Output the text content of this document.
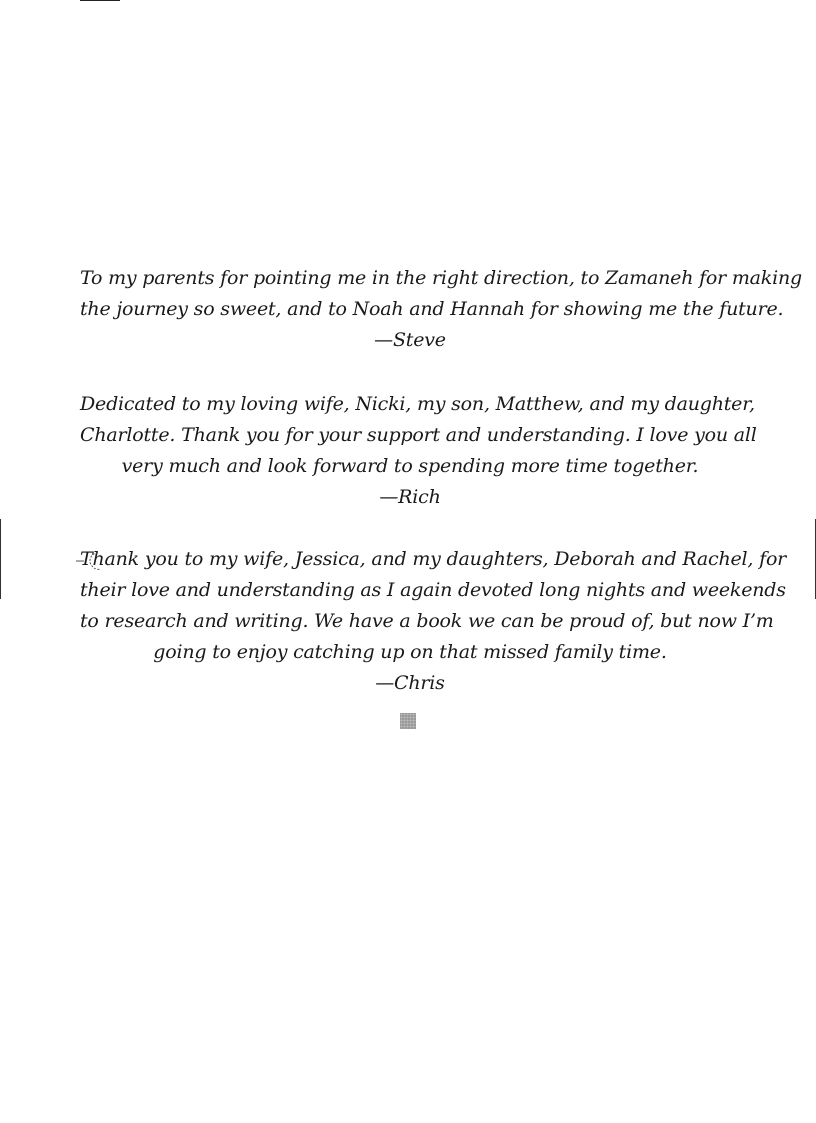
To my parents for pointing me in the right direction, to Zamaneh for making
the journey so sweet, and to Noah and Hannah for showing me the future.
—Steve
Dedicated to my loving wife, Nicki, my son, Matthew, and my daughter,
Charlotte. Thank you for your support and understanding. I love you all
very much and look forward to spending more time together.
—Rich
Thank you to my wife, Jessica, and my daughters, Deborah and Rachel, for
their love and understanding as I again devoted long nights and weekends
to research and writing. We have a book we can be proud of, but now I’m
going to enjoy catching up on that missed family time.
—Chris
